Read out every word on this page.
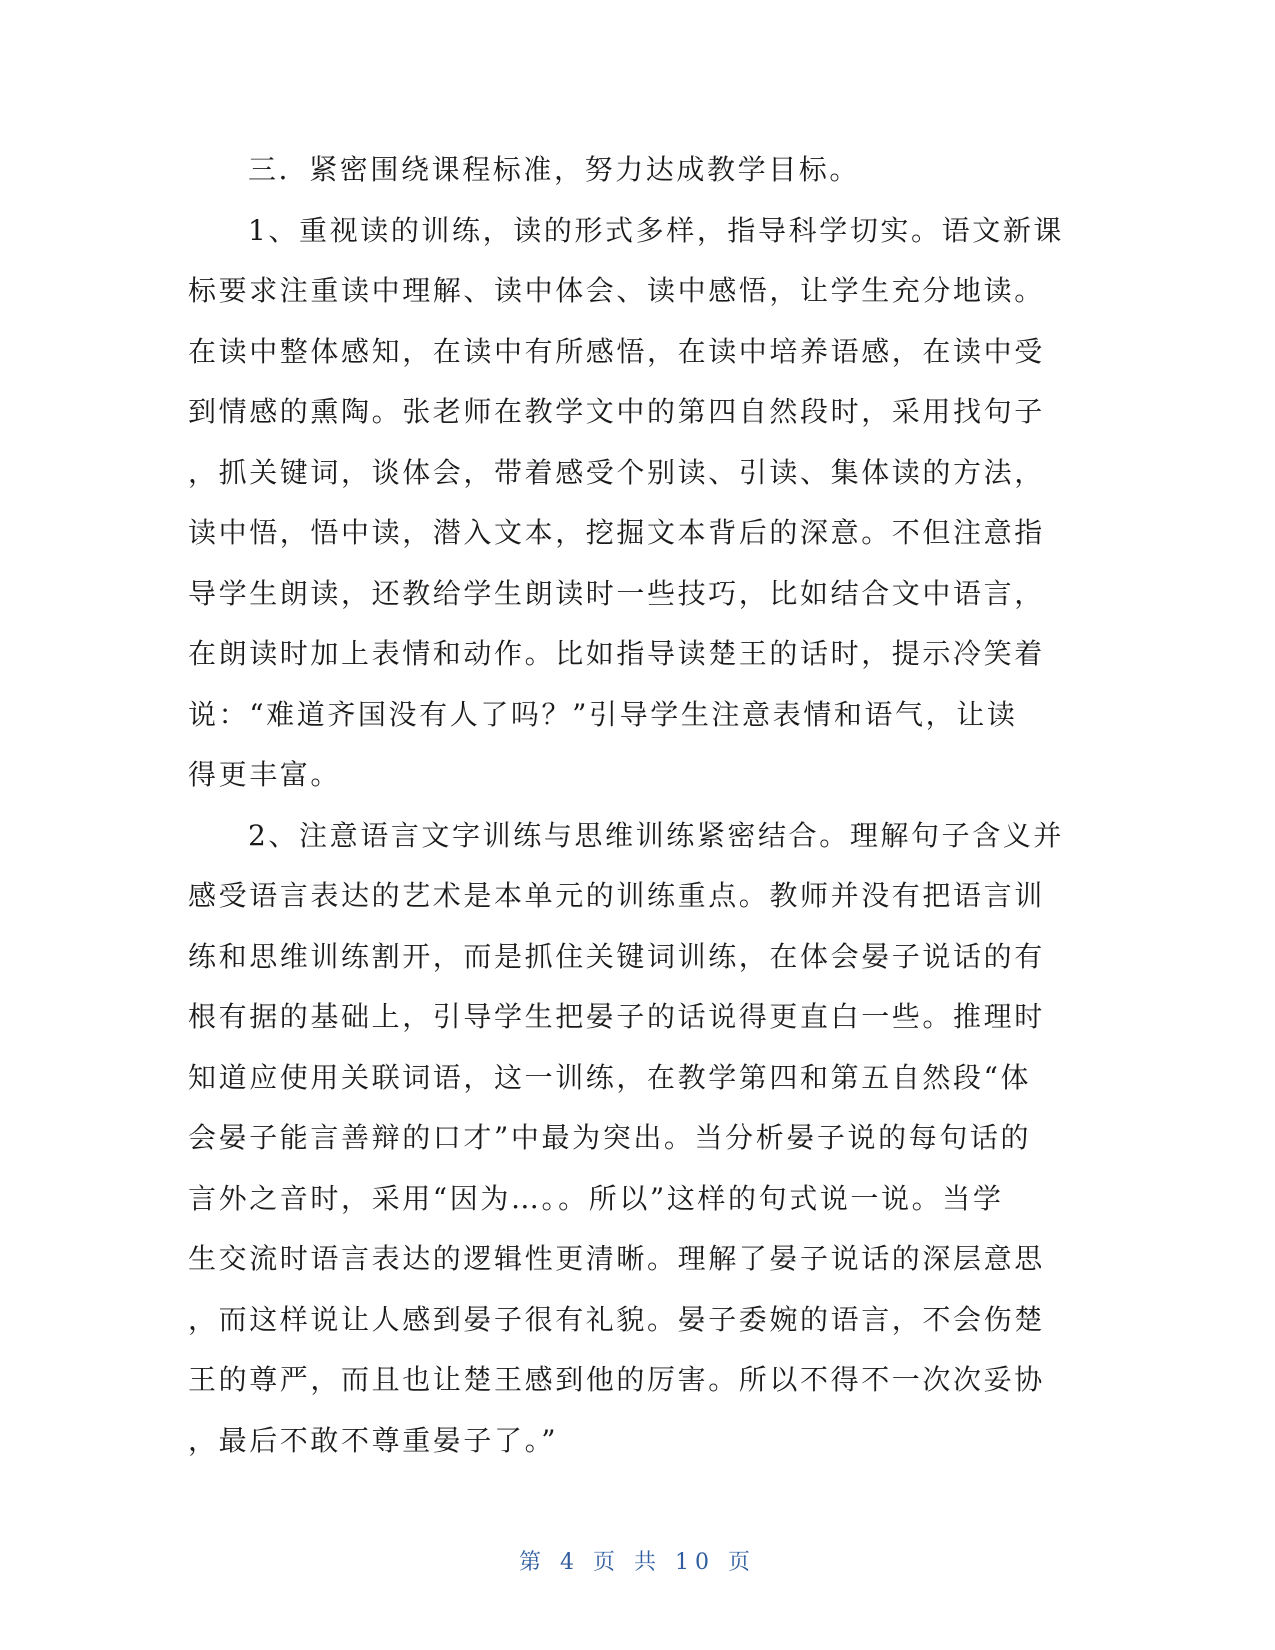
三．紧密围绕课程标准，努力达成教学目标。
1、重视读的训练，读的形式多样，指导科学切实。语文新课
标要求注重读中理解、读中体会、读中感悟，让学生充分地读。
在读中整体感知，在读中有所感悟，在读中培养语感，在读中受
到情感的熏陶。张老师在教学文中的第四自然段时，采用找句子
，抓关键词，谈体会，带着感受个别读、引读、集体读的方法，
读中悟，悟中读，潜入文本，挖掘文本背后的深意。不但注意指
导学生朗读，还教给学生朗读时一些技巧，比如结合文中语言，
在朗读时加上表情和动作。比如指导读楚王的话时，提示冷笑着
说：“难道齐国没有人了吗？”引导学生注意表情和语气，让读
得更丰富。
2、注意语言文字训练与思维训练紧密结合。理解句子含义并
感受语言表达的艺术是本单元的训练重点。教师并没有把语言训
练和思维训练割开，而是抓住关键词训练，在体会晏子说话的有
根有据的基础上，引导学生把晏子的话说得更直白一些。推理时
知道应使用关联词语，这一训练，在教学第四和第五自然段“体
会晏子能言善辩的口才”中最为突出。当分析晏子说的每句话的
言外之音时，采用“因为…。。所以”这样的句式说一说。当学
生交流时语言表达的逻辑性更清晰。理解了晏子说话的深层意思
，而这样说让人感到晏子很有礼貌。晏子委婉的语言，不会伤楚
王的尊严，而且也让楚王感到他的厉害。所以不得不一次次妥协
，最后不敢不尊重晏子了。”
第 4 页 共 10 页
